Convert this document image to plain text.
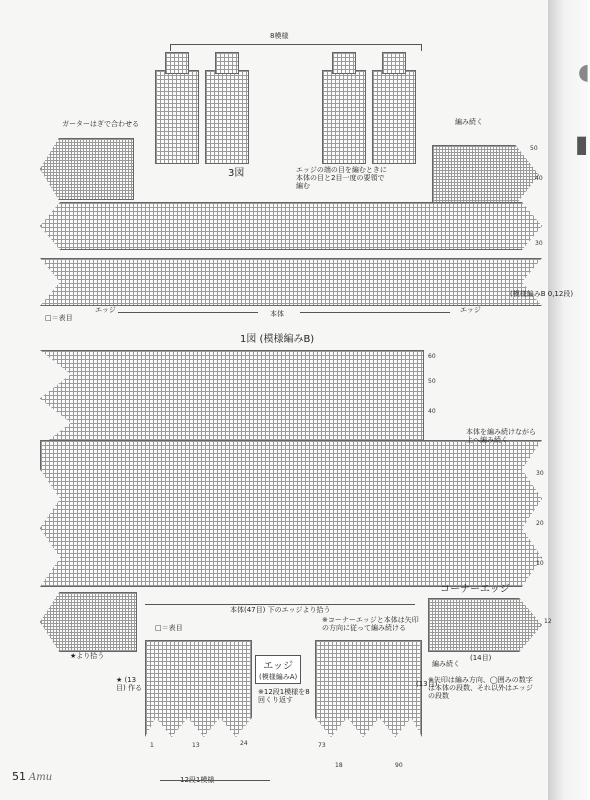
▮
◖
8模様
ガーターはぎで合わせる	編み続く
50
40
3図	エッジの端の目を編むときに本体の目と2目一度の要領で編む
30
(模様編みB 0,12段)
□＝表目
エッジ	本体	エッジ
1図 (模様編みB)
60
50
40
30
20
10
本体を編み続けながら上へ編み続く
本体(47目) 下のエッジより拾う
★より拾う
コーナーエッジ
※コーナーエッジと本体は矢印の方向に従って編み続ける
(14目)
12
□＝表目
編み続く
エッジ
(模様編みA)
※12段1模様を8回くり返す
※矢印は編み方向、◯囲みの数字は本体の段数、それ以外はエッジの段数
★ (13目) 作る
(13目)
24
13
1	73
90
18
12段1模様
51 Amu
